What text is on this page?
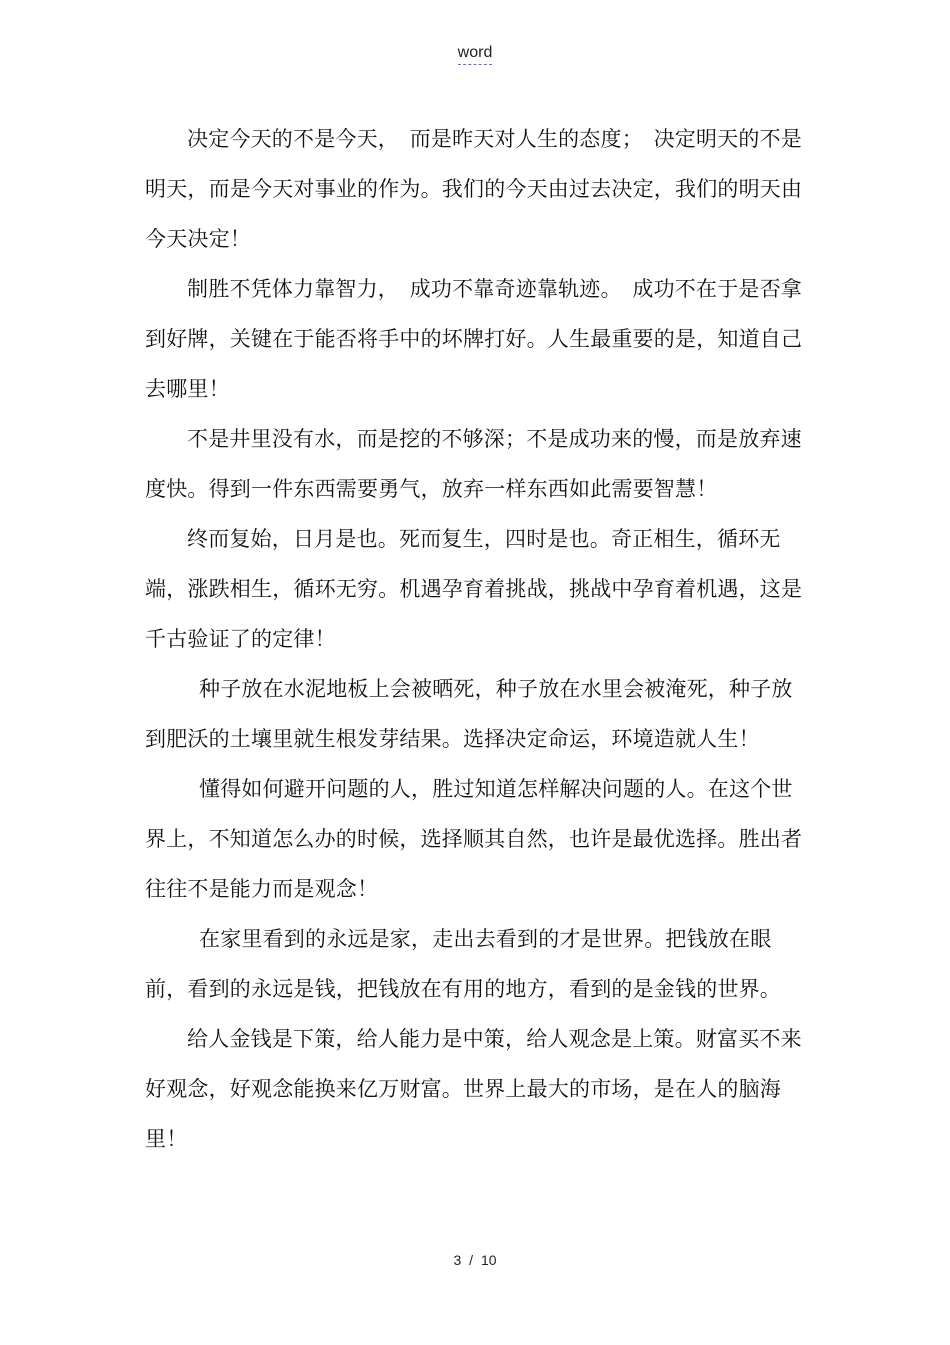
word

决定今天的不是今天，　而是昨天对人生的态度；　决定明天的不是明天，而是今天对事业的作为。我们的今天由过去决定，我们的明天由今天决定！

制胜不凭体力靠智力，　成功不靠奇迹靠轨迹。　成功不在于是否拿到好牌，关键在于能否将手中的坏牌打好。人生最重要的是，知道自己去哪里！

不是井里没有水，而是挖的不够深；不是成功来的慢，而是放弃速度快。得到一件东西需要勇气，放弃一样东西如此需要智慧！

终而复始，日月是也。死而复生，四时是也。奇正相生，循环无端，涨跌相生，循环无穷。机遇孕育着挑战，挑战中孕育着机遇，这是千古验证了的定律！

种子放在水泥地板上会被晒死，种子放在水里会被淹死，种子放到肥沃的土壤里就生根发芽结果。选择决定命运，环境造就人生！

懂得如何避开问题的人，胜过知道怎样解决问题的人。在这个世界上，不知道怎么办的时候，选择顺其自然，也许是最优选择。胜出者往往不是能力而是观念！

在家里看到的永远是家，走出去看到的才是世界。把钱放在眼前，看到的永远是钱，把钱放在有用的地方，看到的是金钱的世界。

给人金钱是下策，给人能力是中策，给人观念是上策。财富买不来好观念，好观念能换来亿万财富。世界上最大的市场，是在人的脑海里！

3 / 10
